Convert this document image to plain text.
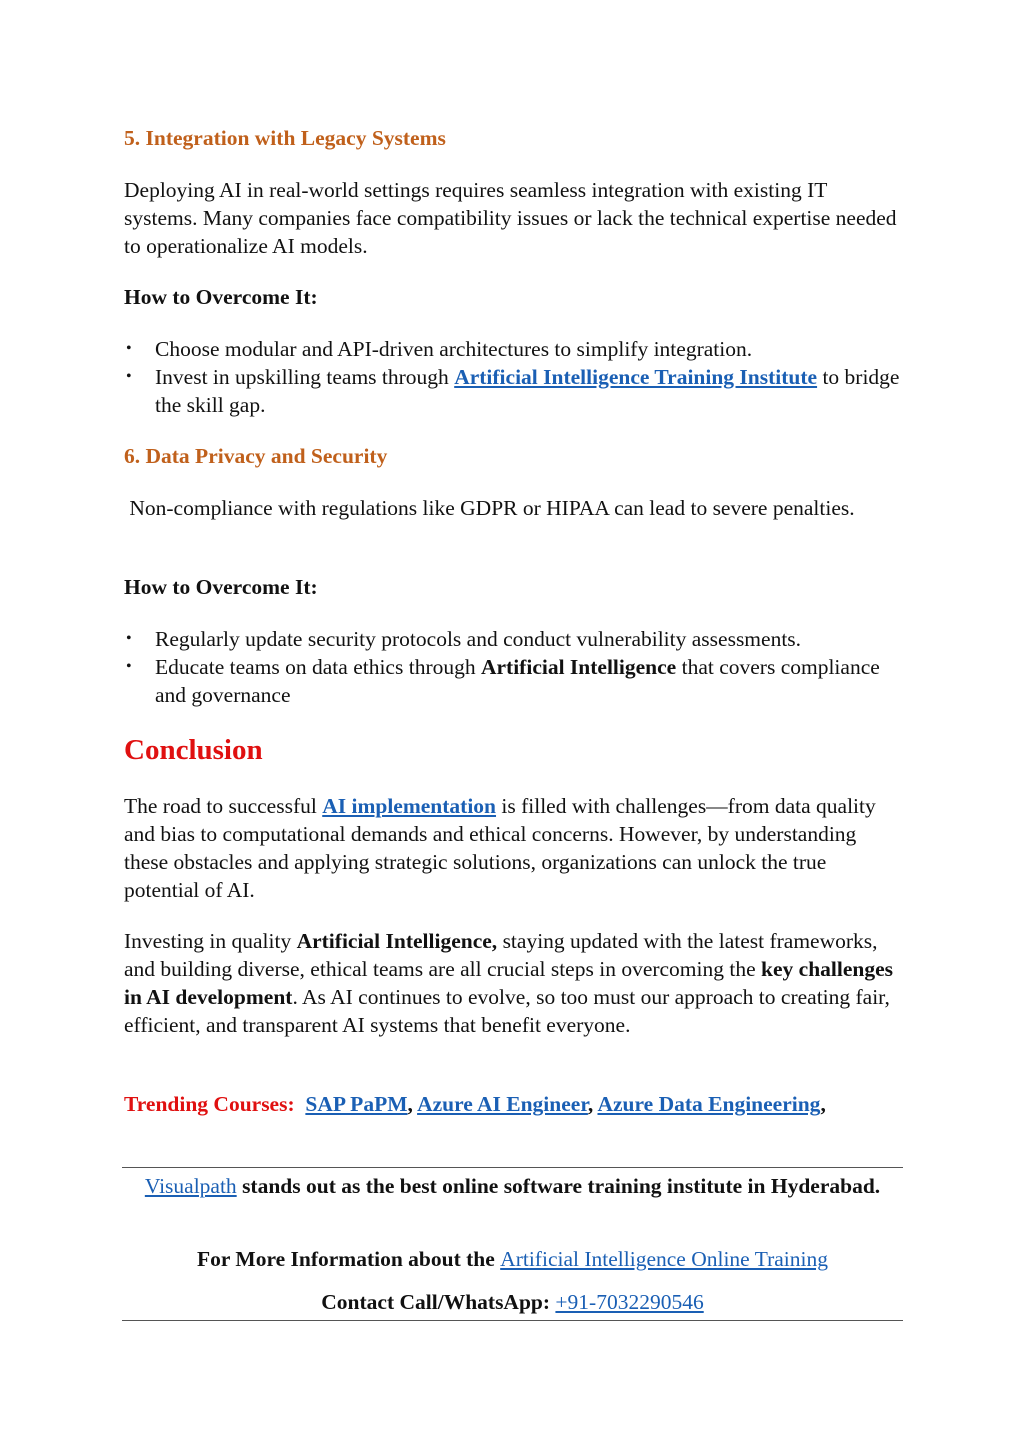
5. Integration with Legacy Systems

Deploying AI in real-world settings requires seamless integration with existing IT systems. Many companies face compatibility issues or lack the technical expertise needed to operationalize AI models.

How to Overcome It:
• Choose modular and API-driven architectures to simplify integration.
• Invest in upskilling teams through Artificial Intelligence Training Institute to bridge the skill gap.
6. Data Privacy and Security

Non-compliance with regulations like GDPR or HIPAA can lead to severe penalties.

How to Overcome It:
• Regularly update security protocols and conduct vulnerability assessments.
• Educate teams on data ethics through Artificial Intelligence that covers compliance and governance
Conclusion

The road to successful AI implementation is filled with challenges—from data quality and bias to computational demands and ethical concerns. However, by understanding these obstacles and applying strategic solutions, organizations can unlock the true potential of AI.

Investing in quality Artificial Intelligence, staying updated with the latest frameworks, and building diverse, ethical teams are all crucial steps in overcoming the key challenges in AI development. As AI continues to evolve, so too must our approach to creating fair, efficient, and transparent AI systems that benefit everyone.

Trending Courses: SAP PaPM, Azure AI Engineer, Azure Data Engineering,

Visualpath stands out as the best online software training institute in Hyderabad.
For More Information about the Artificial Intelligence Online Training
Contact Call/WhatsApp: +91-7032290546
